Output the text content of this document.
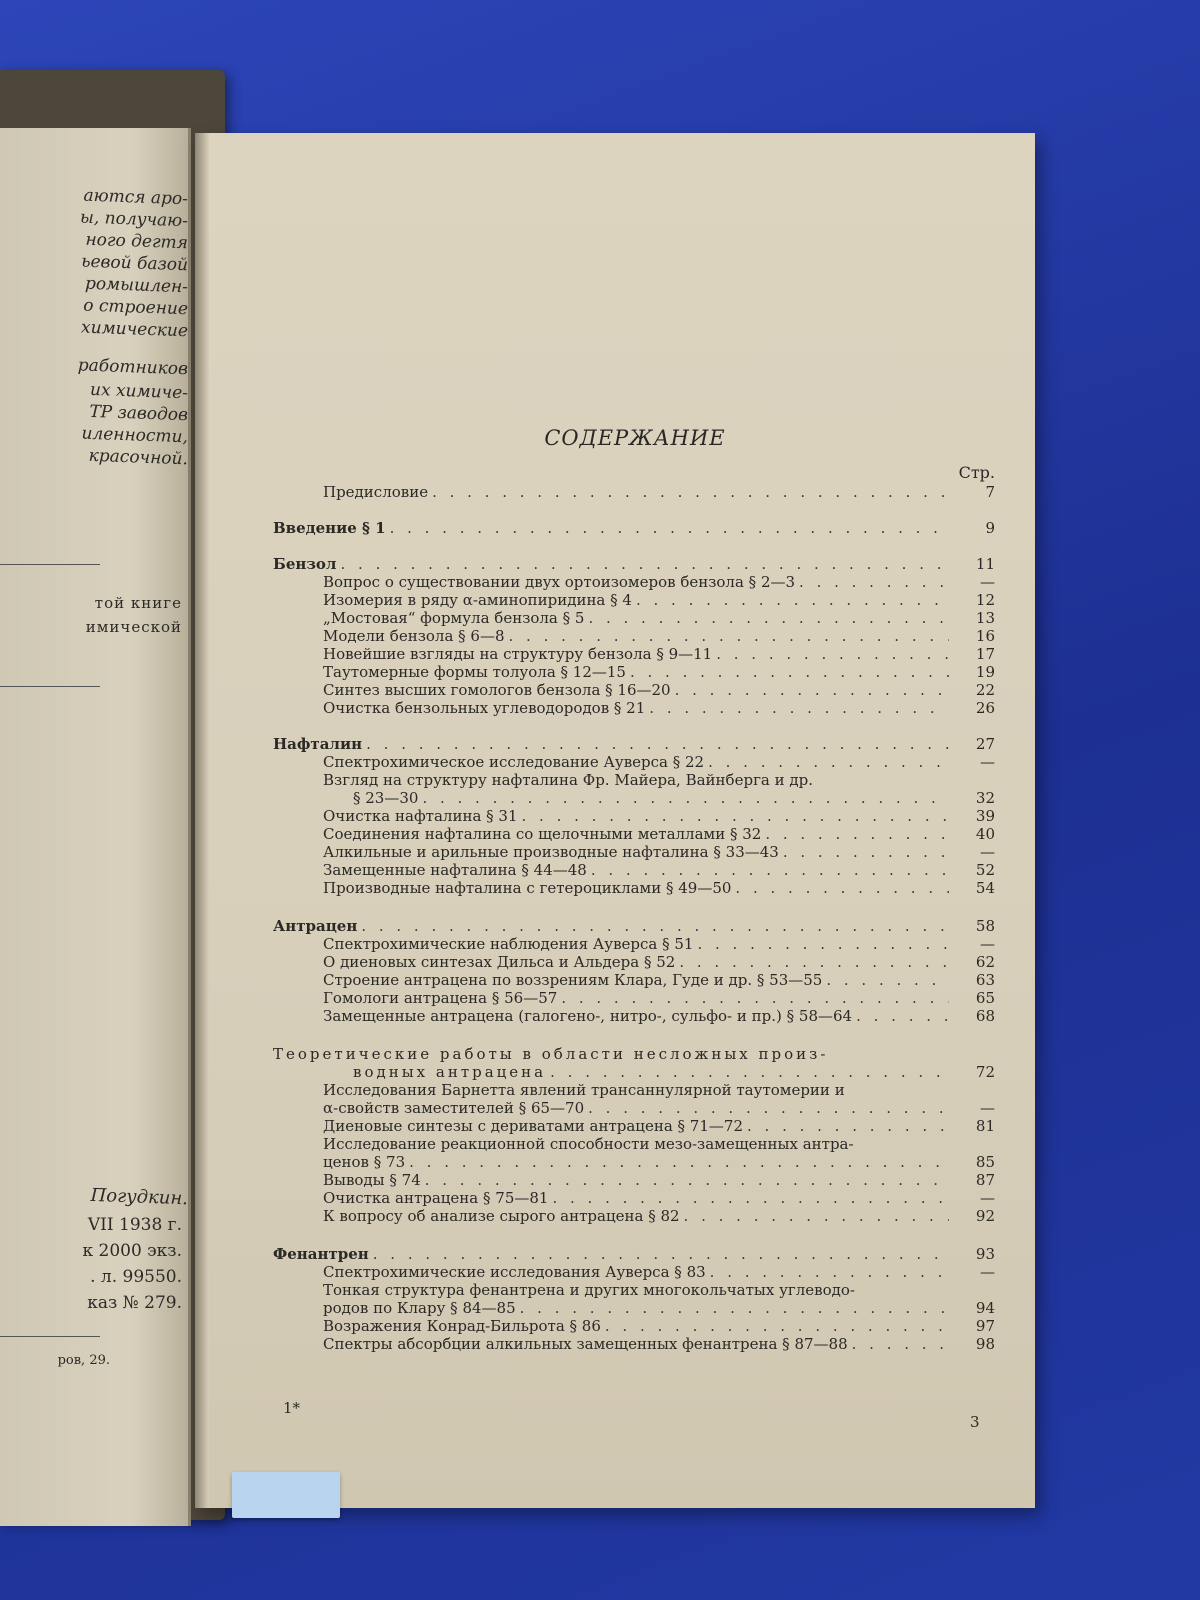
аются аро-
ы, получаю-
ного дегтя
ьевой базой
ромышлен-
о строение
химические
работников
их химиче-
ТР заводов
иленности,
красочной.
той книге
имической
Погудкин.
VII 1938 г.
к 2000 экз.
. л. 99550.
каз № 279.
ров, 29.
СОДЕРЖАНИЕ
Стр.
Предисловие . . .	7
Введение § 1 . . .	9
Бензол . . .	11
Вопрос о существовании двух ортоизомеров бензола § 2—3 . . .	—
Изомерия в ряду α-аминопиридина § 4 . . .	12
„Мостовая“ формула бензола § 5 . . .	13
Модели бензола § 6—8 . . .	16
Новейшие взгляды на структуру бензола § 9—11 . . .	17
Таутомерные формы толуола § 12—15 . . .	19
Синтез высших гомологов бензола § 16—20 . . .	22
Очистка бензольных углеводородов § 21 . . .	26
Нафталин . . .	27
Спектрохимическое исследование Ауверса § 22 . . .	—
Взгляд на структуру нафталина Фр. Майера, Вайнберга и др.
§ 23—30 . . .	32
Очистка нафталина § 31 . . .	39
Соединения нафталина со щелочными металлами § 32 . . .	40
Алкильные и арильные производные нафталина § 33—43 . . .	—
Замещенные нафталина § 44—48 . . .	52
Производные нафталина с гетероциклами § 49—50 . . .	54
Антрацен . . .	58
Спектрохимические наблюдения Ауверса § 51 . . .	—
О диеновых синтезах Дильса и Альдера § 52 . . .	62
Строение антрацена по воззрениям Клара, Гуде и др. § 53—55 . . .	63
Гомологи антрацена § 56—57 . . .	65
Замещенные антрацена (галогено-, нитро-, сульфо- и пр.) § 58—64 . . .	68
Теоретические работы в области несложных произ-
водных антрацена . . .	72
Исследования Барнетта явлений трансаннулярной таутомерии и
α-свойств заместителей § 65—70 . . .	—
Диеновые синтезы с дериватами антрацена § 71—72 . . .	81
Исследование реакционной способности мезо-замещенных антра-
ценов § 73 . . .	85
Выводы § 74 . . .	87
Очистка антрацена § 75—81 . . .	—
К вопросу об анализе сырого антрацена § 82 . . .	92
Фенантрен . . .	93
Спектрохимические исследования Ауверса § 83 . . .	—
Тонкая структура фенантрена и других многокольчатых углеводо-
родов по Клару § 84—85 . . .	94
Возражения Конрад-Бильрота § 86 . . .	97
Спектры абсорбции алкильных замещенных фенантрена § 87—88 . . .	98
1*
3
